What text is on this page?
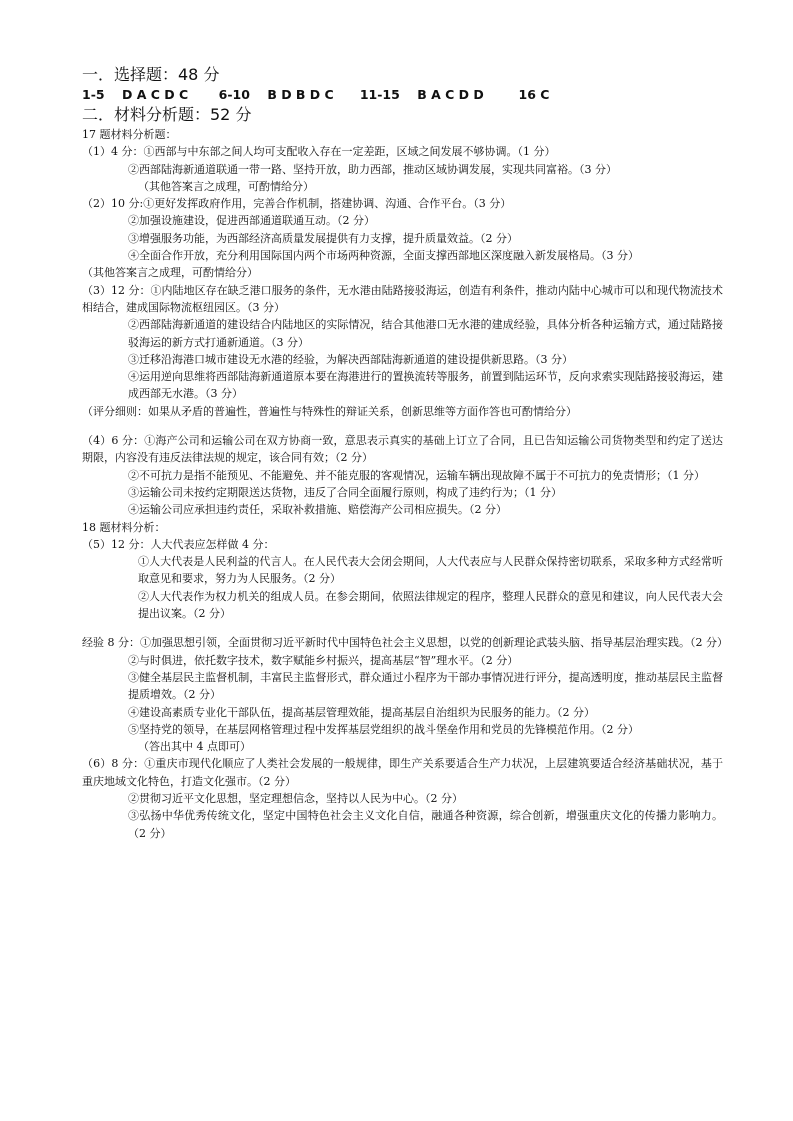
一．选择题：48 分

1-5    D A C D C       6-10    B D B D C      11-15    B A C D D        16 C

二．材料分析题：52 分

17 题材料分析题：

（1）4 分：①西部与中东部之间人均可支配收入存在一定差距，区域之间发展不够协调。（1 分）

②西部陆海新通道联通一带一路、坚持开放，助力西部，推动区域协调发展，实现共同富裕。（3 分）

（其他答案言之成理，可酌情给分）

（2）10 分:①更好发挥政府作用，完善合作机制，搭建协调、沟通、合作平台。（3 分）

②加强设施建设，促进西部通道联通互动。（2 分）

③增强服务功能，为西部经济高质量发展提供有力支撑，提升质量效益。（2 分）

④全面合作开放，充分利用国际国内两个市场两种资源，全面支撑西部地区深度融入新发展格局。（3 分）

（其他答案言之成理，可酌情给分）

（3）12 分：①内陆地区存在缺乏港口服务的条件，无水港由陆路接驳海运，创造有利条件，推动内陆中心城市可以和现代物流技术相结合，建成国际物流枢纽园区。（3 分）

②西部陆海新通道的建设结合内陆地区的实际情况，结合其他港口无水港的建成经验，具体分析各种运输方式，通过陆路接驳海运的新方式打通新通道。（3 分）

③迁移沿海港口城市建设无水港的经验，为解决西部陆海新通道的建设提供新思路。（3 分）

④运用逆向思维将西部陆海新通道原本要在海港进行的置换流转等服务，前置到陆运环节，反向求索实现陆路接驳海运，建成西部无水港。（3 分）

（评分细则：如果从矛盾的普遍性，普遍性与特殊性的辩证关系，创新思维等方面作答也可酌情给分）

（4）6 分：①海产公司和运输公司在双方协商一致，意思表示真实的基础上订立了合同，且已告知运输公司货物类型和约定了送达期限，内容没有违反法律法规的规定，该合同有效；（2 分）

②不可抗力是指不能预见、不能避免、并不能克服的客观情况，运输车辆出现故障不属于不可抗力的免责情形；（1 分）

③运输公司未按约定期限送达货物，违反了合同全面履行原则，构成了违约行为；（1 分）

④运输公司应承担违约责任，采取补救措施、赔偿海产公司相应损失。（2 分）

18 题材料分析：

（5）12 分：人大代表应怎样做 4 分：

①人大代表是人民利益的代言人。在人民代表大会闭会期间，人大代表应与人民群众保持密切联系，采取多种方式经常听取意见和要求，努力为人民服务。（2 分）

②人大代表作为权力机关的组成人员。在参会期间，依照法律规定的程序，整理人民群众的意见和建议，向人民代表大会提出议案。（2 分）

经验 8 分：①加强思想引领，全面贯彻习近平新时代中国特色社会主义思想，以党的创新理论武装头脑、指导基层治理实践。（2 分）

②与时俱进，依托数字技术，数字赋能乡村振兴，提高基层“智”理水平。（2 分）

③健全基层民主监督机制，丰富民主监督形式，群众通过小程序为干部办事情况进行评分，提高透明度，推动基层民主监督提质增效。（2 分）

④建设高素质专业化干部队伍，提高基层管理效能，提高基层自治组织为民服务的能力。（2 分）

⑤坚持党的领导，在基层网格管理过程中发挥基层党组织的战斗堡垒作用和党员的先锋模范作用。（2 分）

（答出其中 4 点即可）

（6）8 分：①重庆市现代化顺应了人类社会发展的一般规律，即生产关系要适合生产力状况，上层建筑要适合经济基础状况，基于重庆地域文化特色，打造文化强市。（2 分）

②贯彻习近平文化思想，坚定理想信念，坚持以人民为中心。（2 分）

③弘扬中华优秀传统文化，坚定中国特色社会主义文化自信，融通各种资源，综合创新，增强重庆文化的传播力影响力。（2 分）
